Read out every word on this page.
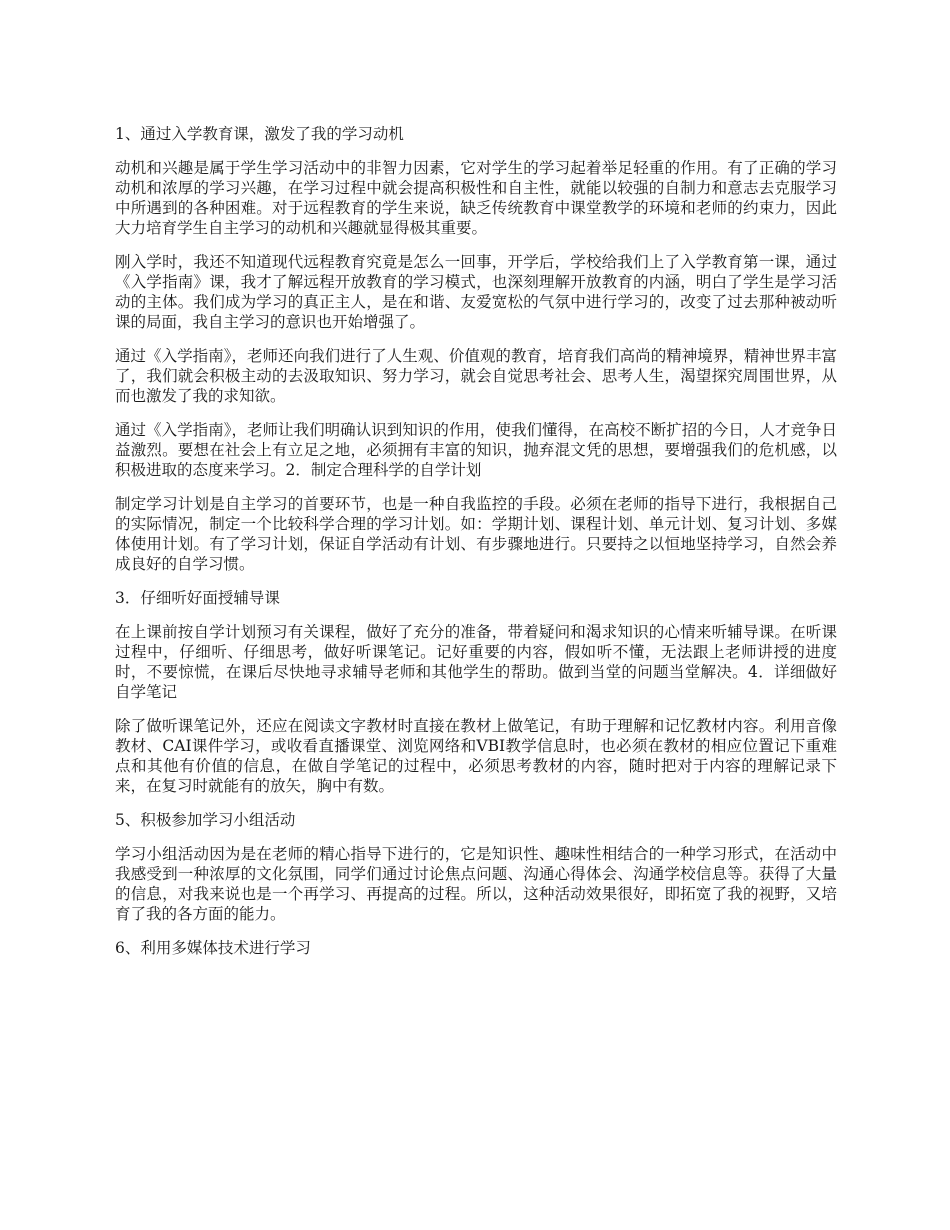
1、通过入学教育课，激发了我的学习动机

动机和兴趣是属于学生学习活动中的非智力因素，它对学生的学习起着举足轻重的作用。有了正确的学习动机和浓厚的学习兴趣，在学习过程中就会提高积极性和自主性，就能以较强的自制力和意志去克服学习中所遇到的各种困难。对于远程教育的学生来说，缺乏传统教育中课堂教学的环境和老师的约束力，因此大力培育学生自主学习的动机和兴趣就显得极其重要。

刚入学时，我还不知道现代远程教育究竟是怎么一回事，开学后，学校给我们上了入学教育第一课，通过《入学指南》课，我才了解远程开放教育的学习模式，也深刻理解开放教育的内涵，明白了学生是学习活动的主体。我们成为学习的真正主人，是在和谐、友爱宽松的气氛中进行学习的，改变了过去那种被动听课的局面，我自主学习的意识也开始增强了。

通过《入学指南》，老师还向我们进行了人生观、价值观的教育，培育我们高尚的精神境界，精神世界丰富了，我们就会积极主动的去汲取知识、努力学习，就会自觉思考社会、思考人生，渴望探究周围世界，从而也激发了我的求知欲。

通过《入学指南》，老师让我们明确认识到知识的作用，使我们懂得，在高校不断扩招的今日，人才竞争日益激烈。要想在社会上有立足之地，必须拥有丰富的知识，抛弃混文凭的思想，要增强我们的危机感，以积极进取的态度来学习。2．制定合理科学的自学计划

制定学习计划是自主学习的首要环节，也是一种自我监控的手段。必须在老师的指导下进行，我根据自己的实际情况，制定一个比较科学合理的学习计划。如：学期计划、课程计划、单元计划、复习计划、多媒体使用计划。有了学习计划，保证自学活动有计划、有步骤地进行。只要持之以恒地坚持学习，自然会养成良好的自学习惯。

3．仔细听好面授辅导课

在上课前按自学计划预习有关课程，做好了充分的准备，带着疑问和渴求知识的心情来听辅导课。在听课过程中，仔细听、仔细思考，做好听课笔记。记好重要的内容，假如听不懂，无法跟上老师讲授的进度时，不要惊慌，在课后尽快地寻求辅导老师和其他学生的帮助。做到当堂的问题当堂解决。4．详细做好自学笔记

除了做听课笔记外，还应在阅读文字教材时直接在教材上做笔记，有助于理解和记忆教材内容。利用音像教材、CAI课件学习，或收看直播课堂、浏览网络和VBI教学信息时，也必须在教材的相应位置记下重难点和其他有价值的信息，在做自学笔记的过程中，必须思考教材的内容，随时把对于内容的理解记录下来，在复习时就能有的放矢，胸中有数。

5、积极参加学习小组活动

学习小组活动因为是在老师的精心指导下进行的，它是知识性、趣味性相结合的一种学习形式，在活动中我感受到一种浓厚的文化氛围，同学们通过讨论焦点问题、沟通心得体会、沟通学校信息等。获得了大量的信息，对我来说也是一个再学习、再提高的过程。所以，这种活动效果很好，即拓宽了我的视野，又培育了我的各方面的能力。

6、利用多媒体技术进行学习
